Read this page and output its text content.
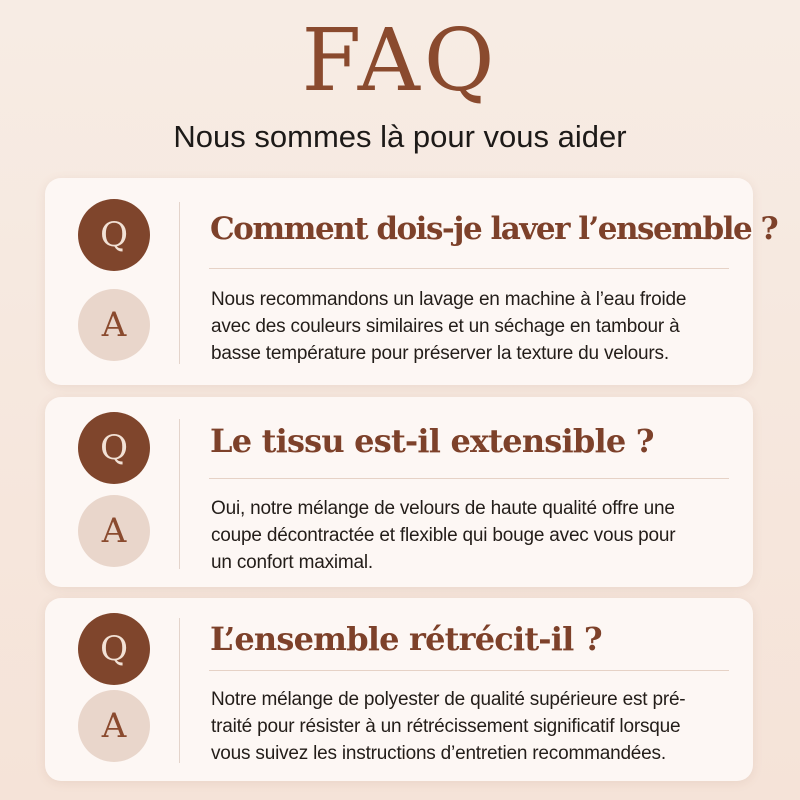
FAQ
Nous sommes là pour vous aider
Q
A
Comment dois-je laver l’ensemble ?
Nous recommandons un lavage en machine à l’eau froide
avec des couleurs similaires et un séchage en tambour à
basse température pour préserver la texture du velours.
Q
A
Le tissu est-il extensible ?
Oui, notre mélange de velours de haute qualité offre une
coupe décontractée et flexible qui bouge avec vous pour
un confort maximal.
Q
A
L’ensemble rétrécit-il ?
Notre mélange de polyester de qualité supérieure est pré-
traité pour résister à un rétrécissement significatif lorsque
vous suivez les instructions d’entretien recommandées.
